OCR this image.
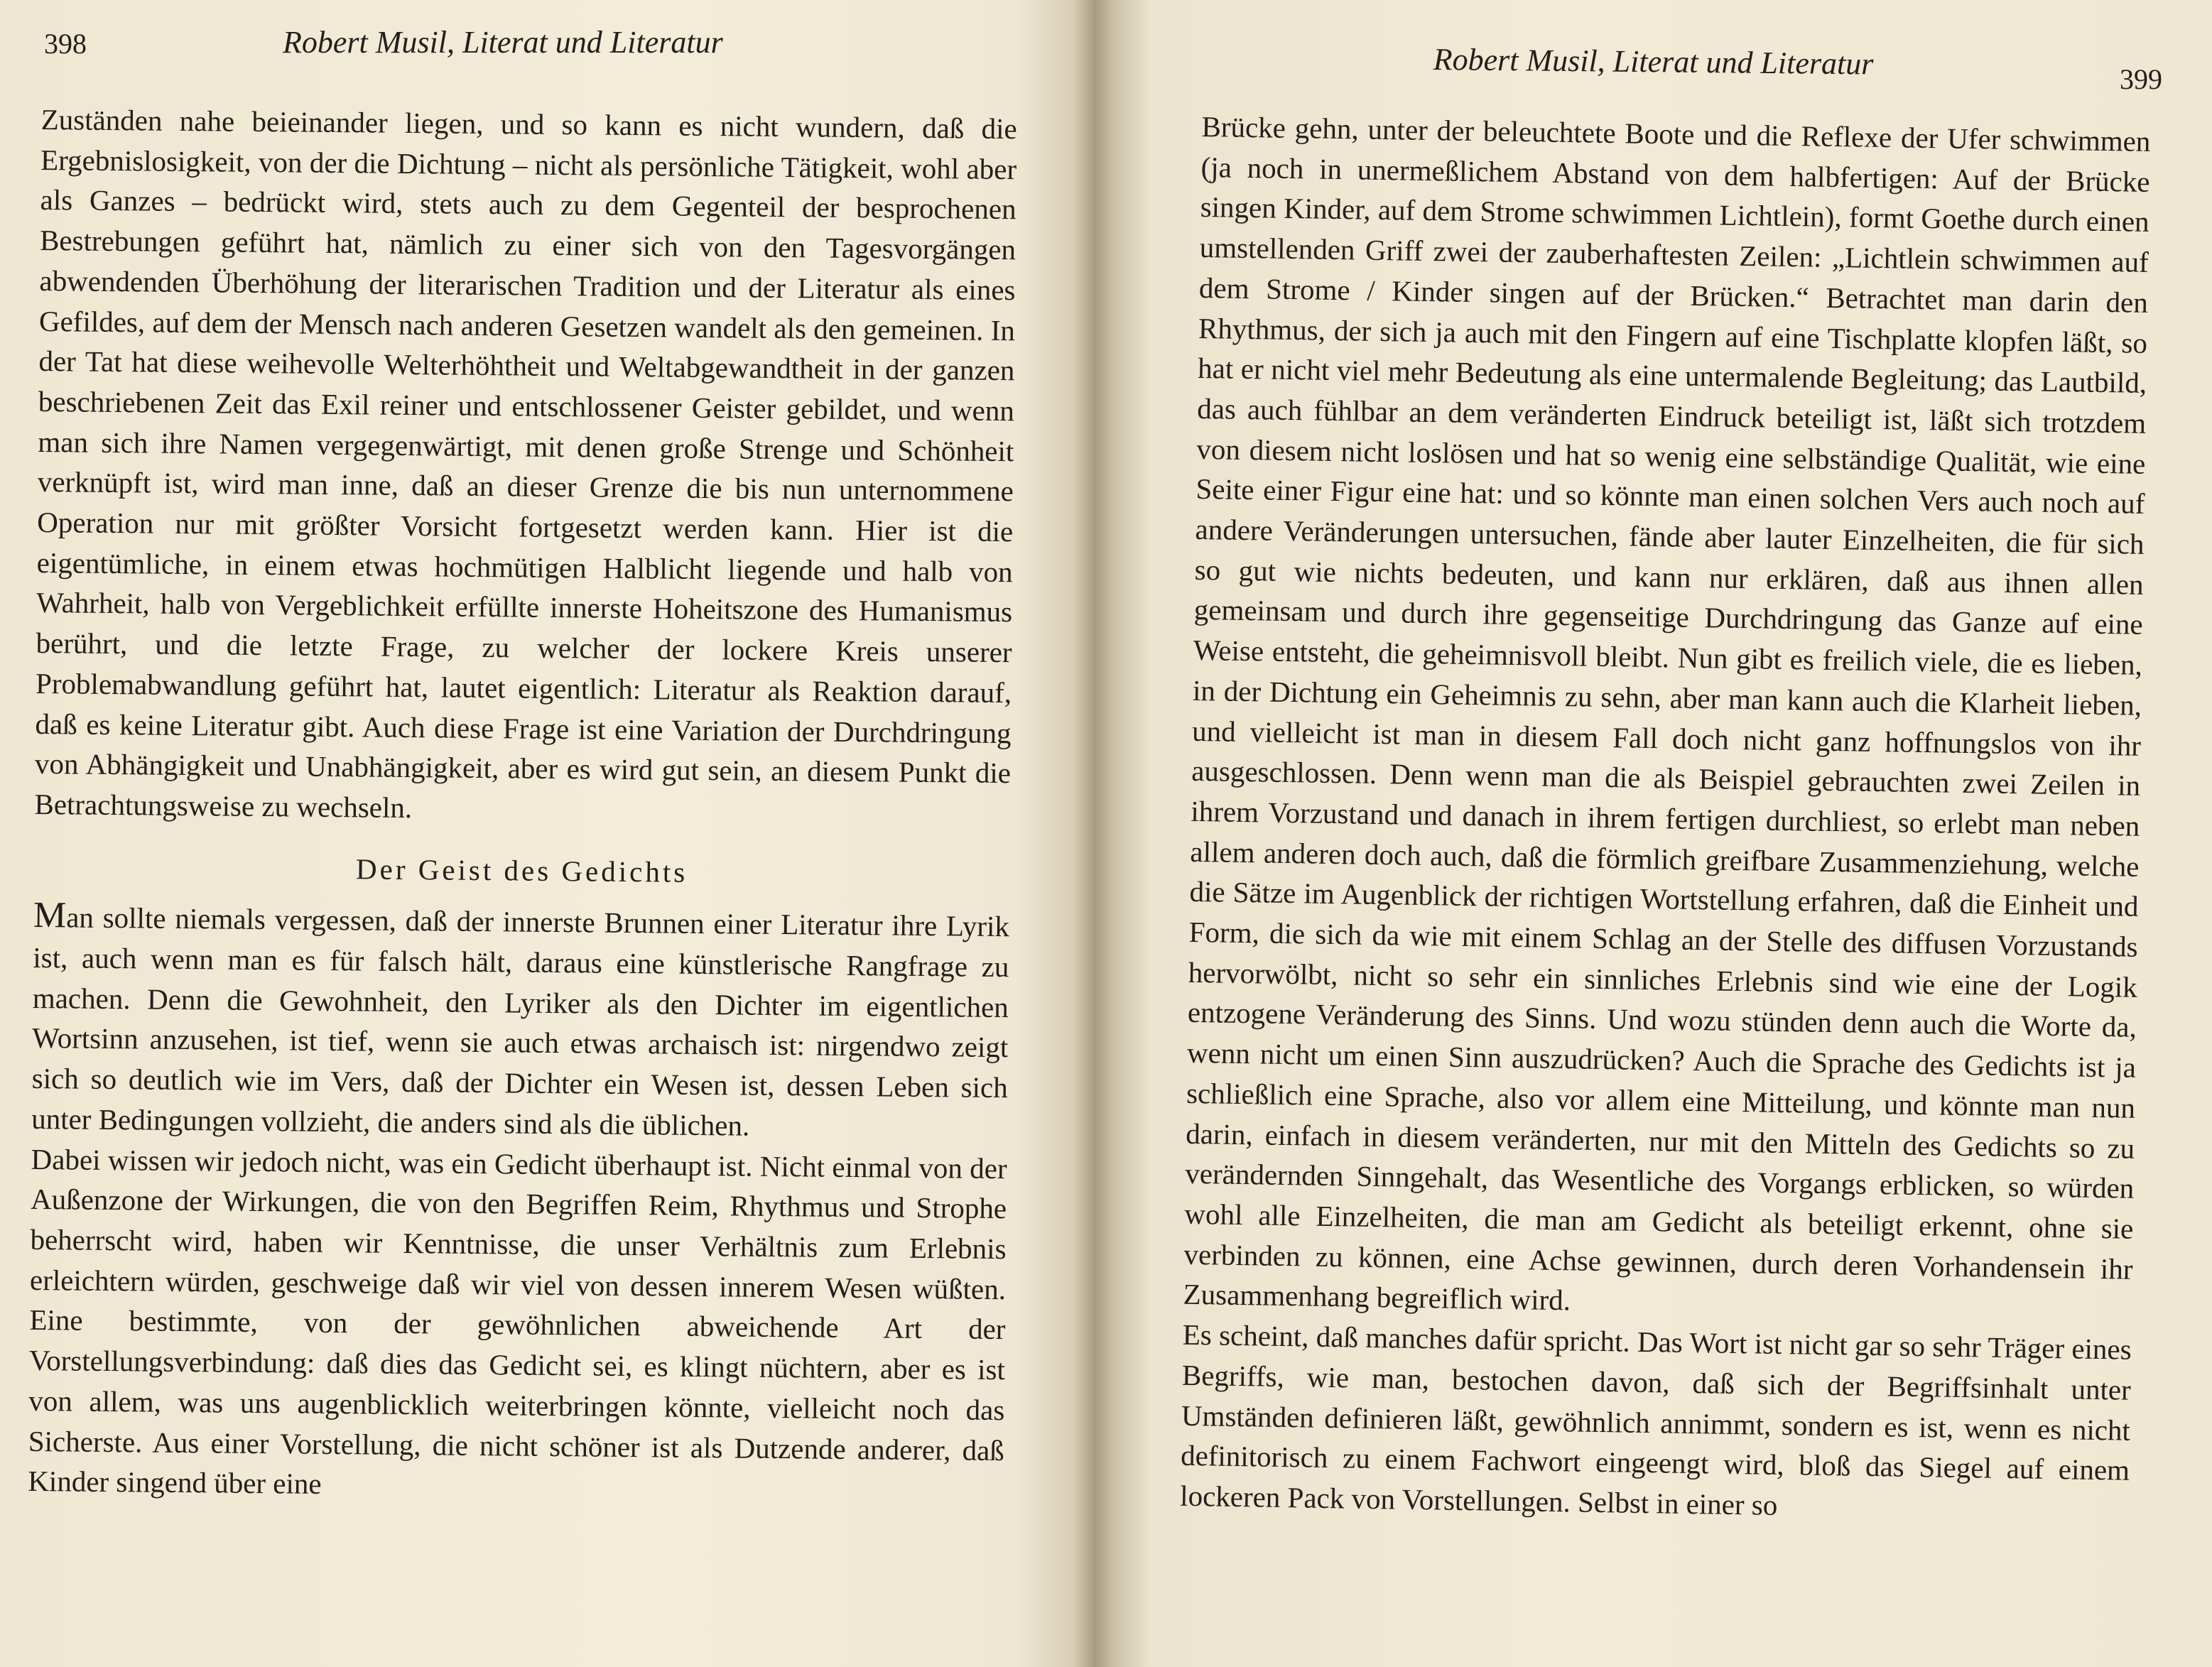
398	Robert Musil, Literat und Literatur

Zuständen nahe beieinander liegen, und so kann es nicht wundern, daß die Ergebnislosigkeit, von der die Dichtung – nicht als persönliche Tätigkeit, wohl aber als Ganzes – bedrückt wird, stets auch zu dem Gegenteil der besprochenen Bestrebungen geführt hat, nämlich zu einer sich von den Tagesvorgängen abwendenden Überhöhung der literarischen Tradition und der Literatur als eines Gefildes, auf dem der Mensch nach anderen Gesetzen wandelt als den gemeinen. In der Tat hat diese weihevolle Welterhöhtheit und Weltabgewandtheit in der ganzen beschriebenen Zeit das Exil reiner und entschlossener Geister gebildet, und wenn man sich ihre Namen vergegenwärtigt, mit denen große Strenge und Schönheit verknüpft ist, wird man inne, daß an dieser Grenze die bis nun unternommene Operation nur mit größter Vorsicht fortgesetzt werden kann. Hier ist die eigentümliche, in einem etwas hochmütigen Halblicht liegende und halb von Wahrheit, halb von Vergeblichkeit erfüllte innerste Hoheitszone des Humanismus berührt, und die letzte Frage, zu welcher der lockere Kreis unserer Problemabwandlung geführt hat, lautet eigentlich: Literatur als Reaktion darauf, daß es keine Literatur gibt. Auch diese Frage ist eine Variation der Durchdringung von Abhängigkeit und Unabhängigkeit, aber es wird gut sein, an diesem Punkt die Betrachtungsweise zu wechseln.

Der Geist des Gedichts

Man sollte niemals vergessen, daß der innerste Brunnen einer Literatur ihre Lyrik ist, auch wenn man es für falsch hält, daraus eine künstlerische Rangfrage zu machen. Denn die Gewohnheit, den Lyriker als den Dichter im eigentlichen Wortsinn anzusehen, ist tief, wenn sie auch etwas archaisch ist: nirgendwo zeigt sich so deutlich wie im Vers, daß der Dichter ein Wesen ist, dessen Leben sich unter Bedingungen vollzieht, die anders sind als die üblichen.

Dabei wissen wir jedoch nicht, was ein Gedicht überhaupt ist. Nicht einmal von der Außenzone der Wirkungen, die von den Begriffen Reim, Rhythmus und Strophe beherrscht wird, haben wir Kenntnisse, die unser Verhältnis zum Erlebnis erleichtern würden, geschweige daß wir viel von dessen innerem Wesen wüßten. Eine bestimmte, von der gewöhnlichen abweichende Art der Vorstellungsverbindung: daß dies das Gedicht sei, es klingt nüchtern, aber es ist von allem, was uns augenblicklich weiterbringen könnte, vielleicht noch das Sicherste. Aus einer Vorstellung, die nicht schöner ist als Dutzende anderer, daß Kinder singend über eine

Robert Musil, Literat und Literatur	399

Brücke gehn, unter der beleuchtete Boote und die Reflexe der Ufer schwimmen (ja noch in unermeßlichem Abstand von dem halbfertigen: Auf der Brücke singen Kinder, auf dem Strome schwimmen Lichtlein), formt Goethe durch einen umstellenden Griff zwei der zauberhaftesten Zeilen: „Lichtlein schwimmen auf dem Strome / Kinder singen auf der Brücken.“ Betrachtet man darin den Rhythmus, der sich ja auch mit den Fingern auf eine Tischplatte klopfen läßt, so hat er nicht viel mehr Bedeutung als eine untermalende Begleitung; das Lautbild, das auch fühlbar an dem veränderten Eindruck beteiligt ist, läßt sich trotzdem von diesem nicht loslösen und hat so wenig eine selbständige Qualität, wie eine Seite einer Figur eine hat: und so könnte man einen solchen Vers auch noch auf andere Veränderungen untersuchen, fände aber lauter Einzelheiten, die für sich so gut wie nichts bedeuten, und kann nur erklären, daß aus ihnen allen gemeinsam und durch ihre gegenseitige Durchdringung das Ganze auf eine Weise entsteht, die geheimnisvoll bleibt. Nun gibt es freilich viele, die es lieben, in der Dichtung ein Geheimnis zu sehn, aber man kann auch die Klarheit lieben, und vielleicht ist man in diesem Fall doch nicht ganz hoffnungslos von ihr ausgeschlossen. Denn wenn man die als Beispiel gebrauchten zwei Zeilen in ihrem Vorzustand und danach in ihrem fertigen durchliest, so erlebt man neben allem anderen doch auch, daß die förmlich greifbare Zusammenziehung, welche die Sätze im Augenblick der richtigen Wortstellung erfahren, daß die Einheit und Form, die sich da wie mit einem Schlag an der Stelle des diffusen Vorzustands hervorwölbt, nicht so sehr ein sinnliches Erlebnis sind wie eine der Logik entzogene Veränderung des Sinns. Und wozu stünden denn auch die Worte da, wenn nicht um einen Sinn auszudrücken? Auch die Sprache des Gedichts ist ja schließlich eine Sprache, also vor allem eine Mitteilung, und könnte man nun darin, einfach in diesem veränderten, nur mit den Mitteln des Gedichts so zu verändernden Sinngehalt, das Wesentliche des Vorgangs erblicken, so würden wohl alle Einzelheiten, die man am Gedicht als beteiligt erkennt, ohne sie verbinden zu können, eine Achse gewinnen, durch deren Vorhandensein ihr Zusammenhang begreiflich wird.

Es scheint, daß manches dafür spricht. Das Wort ist nicht gar so sehr Träger eines Begriffs, wie man, bestochen davon, daß sich der Begriffsinhalt unter Umständen definieren läßt, gewöhnlich annimmt, sondern es ist, wenn es nicht definitorisch zu einem Fachwort eingeengt wird, bloß das Siegel auf einem lockeren Pack von Vorstellungen. Selbst in einer so
